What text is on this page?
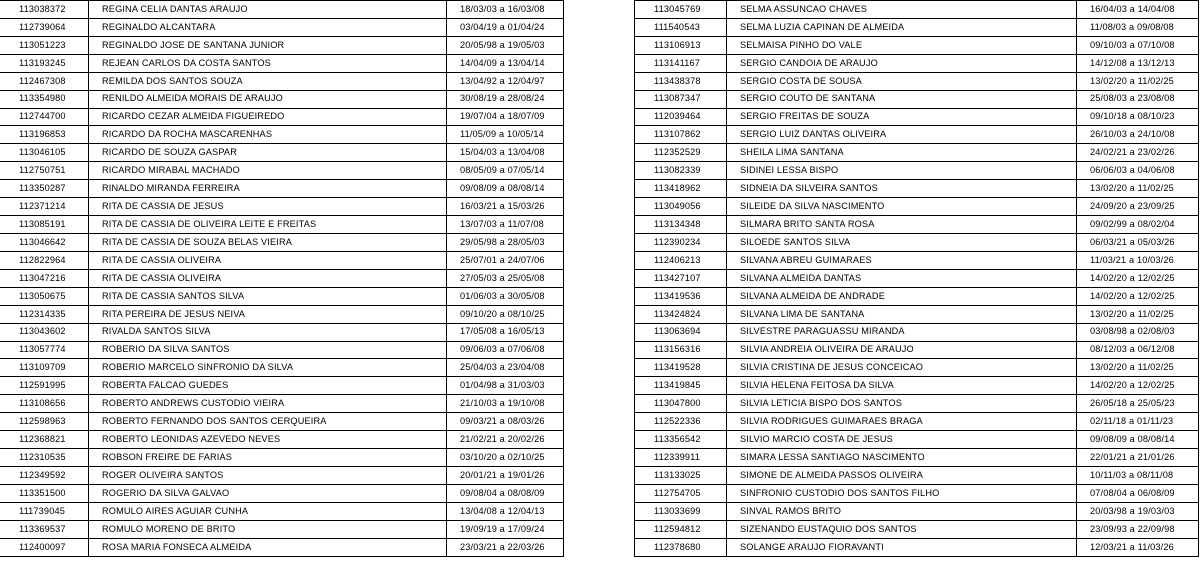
113038372	REGINA CELIA DANTAS ARAUJO	18/03/03 a 16/03/08
112739064	REGINALDO ALCANTARA	03/04/19 a 01/04/24
113051223	REGINALDO JOSE DE SANTANA JUNIOR	20/05/98 a 19/05/03
113193245	REJEAN CARLOS DA COSTA SANTOS	14/04/09 a 13/04/14
112467308	REMILDA DOS SANTOS SOUZA	13/04/92 a 12/04/97
113354980	RENILDO ALMEIDA MORAIS DE ARAUJO	30/08/19 a 28/08/24
112744700	RICARDO CEZAR ALMEIDA FIGUEIREDO	19/07/04 a 18/07/09
113196853	RICARDO DA ROCHA MASCARENHAS	11/05/09 a 10/05/14
113046105	RICARDO DE SOUZA GASPAR	15/04/03 a 13/04/08
112750751	RICARDO MIRABAL MACHADO	08/05/09 a 07/05/14
113350287	RINALDO MIRANDA FERREIRA	09/08/09 a 08/08/14
112371214	RITA DE CASSIA DE JESUS	16/03/21 a 15/03/26
113085191	RITA DE CASSIA DE OLIVEIRA LEITE E FREITAS	13/07/03 a 11/07/08
113046642	RITA DE CASSIA DE SOUZA BELAS VIEIRA	29/05/98 a 28/05/03
112822964	RITA DE CASSIA OLIVEIRA	25/07/01 a 24/07/06
113047216	RITA DE CASSIA OLIVEIRA	27/05/03 a 25/05/08
113050675	RITA DE CASSIA SANTOS SILVA	01/06/03 a 30/05/08
112314335	RITA PEREIRA DE JESUS NEIVA	09/10/20 a 08/10/25
113043602	RIVALDA SANTOS SILVA	17/05/08 a 16/05/13
113057774	ROBERIO DA SILVA SANTOS	09/06/03 a 07/06/08
113109709	ROBERIO MARCELO SINFRONIO DA SILVA	25/04/03 a 23/04/08
112591995	ROBERTA FALCAO GUEDES	01/04/98 a 31/03/03
113108656	ROBERTO ANDREWS CUSTODIO VIEIRA	21/10/03 a 19/10/08
112598963	ROBERTO FERNANDO DOS SANTOS CERQUEIRA	09/03/21 a 08/03/26
112368821	ROBERTO LEONIDAS AZEVEDO NEVES	21/02/21 a 20/02/26
112310535	ROBSON FREIRE DE FARIAS	03/10/20 a 02/10/25
112349592	ROGER OLIVEIRA SANTOS	20/01/21 a 19/01/26
113351500	ROGERIO DA SILVA GALVAO	09/08/04 a 08/08/09
111739045	ROMULO AIRES AGUIAR CUNHA	13/04/08 a 12/04/13
113369537	ROMULO MORENO DE BRITO	19/09/19 a 17/09/24
112400097	ROSA MARIA FONSECA ALMEIDA	23/03/21 a 22/03/26
113045769	SELMA ASSUNCAO CHAVES	16/04/03 a 14/04/08
111540543	SELMA LUZIA CAPINAN DE ALMEIDA	11/08/03 a 09/08/08
113106913	SELMAISA PINHO DO VALE	09/10/03 a 07/10/08
113141167	SERGIO CANDOIA DE ARAUJO	14/12/08 a 13/12/13
113438378	SERGIO COSTA DE SOUSA	13/02/20 a 11/02/25
113087347	SERGIO COUTO DE SANTANA	25/08/03 a 23/08/08
112039464	SERGIO FREITAS DE SOUZA	09/10/18 a 08/10/23
113107862	SERGIO LUIZ DANTAS OLIVEIRA	26/10/03 a 24/10/08
112352529	SHEILA LIMA SANTANA	24/02/21 a 23/02/26
113082339	SIDINEI LESSA BISPO	06/06/03 a 04/06/08
113418962	SIDNEIA DA SILVEIRA SANTOS	13/02/20 a 11/02/25
113049056	SILEIDE DA SILVA NASCIMENTO	24/09/20 a 23/09/25
113134348	SILMARA BRITO SANTA ROSA	09/02/99 a 08/02/04
112390234	SILOEDE SANTOS SILVA	06/03/21 a 05/03/26
112406213	SILVANA ABREU GUIMARAES	11/03/21 a 10/03/26
113427107	SILVANA ALMEIDA DANTAS	14/02/20 a 12/02/25
113419536	SILVANA ALMEIDA DE ANDRADE	14/02/20 a 12/02/25
113424824	SILVANA LIMA DE SANTANA	13/02/20 a 11/02/25
113063694	SILVESTRE PARAGUASSU MIRANDA	03/08/98 a 02/08/03
113156316	SILVIA ANDREIA OLIVEIRA DE ARAUJO	08/12/03 a 06/12/08
113419528	SILVIA CRISTINA DE JESUS CONCEICAO	13/02/20 a 11/02/25
113419845	SILVIA HELENA FEITOSA DA SILVA	14/02/20 a 12/02/25
113047800	SILVIA LETICIA BISPO DOS SANTOS	26/05/18 a 25/05/23
112522336	SILVIA RODRIGUES GUIMARAES BRAGA	02/11/18 a 01/11/23
113356542	SILVIO MARCIO COSTA DE JESUS	09/08/09 a 08/08/14
112339911	SIMARA LESSA SANTIAGO NASCIMENTO	22/01/21 a 21/01/26
113133025	SIMONE DE ALMEIDA PASSOS OLIVEIRA	10/11/03 a 08/11/08
112754705	SINFRONIO CUSTODIO DOS SANTOS FILHO	07/08/04 a 06/08/09
113033699	SINVAL RAMOS BRITO	20/03/98 a 19/03/03
112594812	SIZENANDO EUSTAQUIO DOS SANTOS	23/09/93 a 22/09/98
112378680	SOLANGE ARAUJO FIORAVANTI	12/03/21 a 11/03/26
